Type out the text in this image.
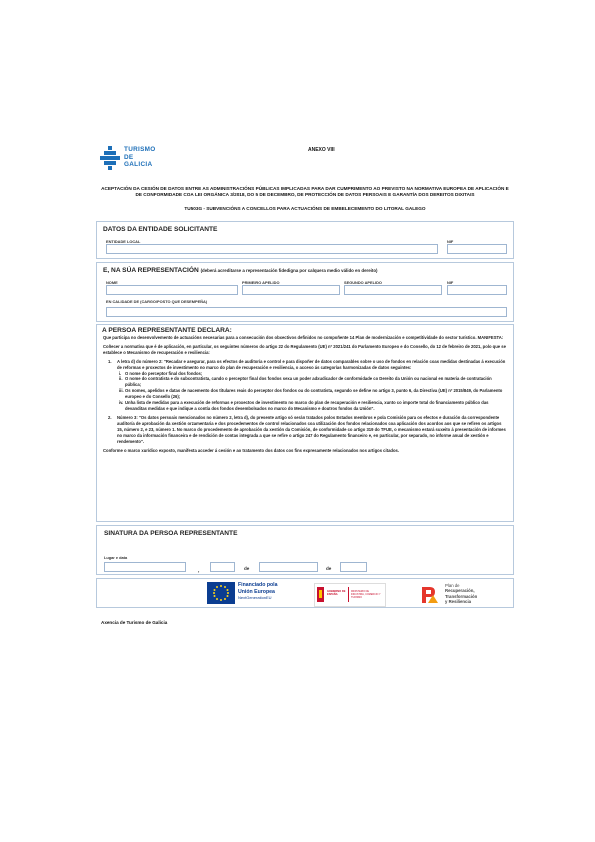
TURISMO
DE
GALICIA
ANEXO VIII
ACEPTACIÓN DA CESIÓN DE DATOS ENTRE AS ADMINISTRACIÓNS PÚBLICAS IMPLICADAS PARA DAR CUMPRIMENTO AO PREVISTO NA NORMATIVA EUROPEA DE APLICACIÓN E DE CONFORMIDADE COA LEI ORGÁNICA 3/2018, DO 5 DE DECEMBRO, DE PROTECCIÓN DE DATOS PERSOAIS E GARANTÍA DOS DEREITOS DIXITAIS
TU503G - SUBVENCIÓNS A CONCELLOS PARA ACTUACIÓNS DE EMBELECEMENTO DO LITORAL GALEGO
DATOS DA ENTIDADE SOLICITANTE
ENTIDADE LOCAL	NIF
E, NA SÚA REPRESENTACIÓN (deberá acreditarse a representación fidedigna por calquera medio válido en dereito)
NOME	PRIMEIRO APELIDO	SEGUNDO APELIDO	NIF
EN CALIDADE DE (CARGO/POSTO QUE DESEMPEÑA)
A PERSOA REPRESENTANTE DECLARA:

Que participa no desenvolvemento de actuacións necesarias para a consecución dos obxectivos definidos no compoñente 14 Plan de modernización e competitividade do sector turístico. MANIFESTA:

Coñecer a normativa que é de aplicación, en particular, os seguintes números do artigo 22 do Regulamento (UE) nº 2021/241 do Parlamento Europeo e do Consello, do 12 de febreiro de 2021, polo que se establece o Mecanismo de recuperación e resiliencia:

1. A letra d) do número 2: "Recadar e asegurar, para os efectos de auditoría e control e para dispoñer de datos comparables sobre o uso de fondos en relación coas medidas destinadas á execución de reformas e proxectos de investimento no marco do plan de recuperación e resiliencia, o acceso ás categorías harmonizadas de datos seguintes:
i. O nome do perceptor final dos fondos;
ii. O nome do contratista e do subcontratista, cando o perceptor final dos fondos sexa un poder adxudicador de conformidade co Dereito da Unión ou nacional en materia de contratación pública;
iii. Os nomes, apelidos e datas de nacemento dos titulares reais do perceptor dos fondos ou do contratista, segundo se define no artigo 3, punto 6, da Directiva (UE) nº 2015/849, do Parlamento europeo e do Consello (26);
iv. Unha lista de medidas para a execución de reformas e proxectos de investimento no marco do plan de recuperación e resiliencia, xunto co importe total do financiamento público das devanditas medidas e que indique a contía dos fondos desembolsados no marco do Mecanismo e doutros fondos da Unión".
2. Número 3: "Os datos persoais mencionados no número 2, letra d), do presente artigo só serán tratados polos Estados membros e pola Comisión para os efectos e duración da correspondente auditoría de aprobación da xestión orzamentaria e dos procedementos de control relacionados coa utilización dos fondos relacionados coa aplicación dos acordos aos que se refiren os artigos 15, número 2, e 23, número 1. No marco do procedemento de aprobación da xestión da Comisión, de conformidade co artigo 319 do TFUE, o mecanismo estará suxeito á presentación de informes no marco da información financeira e de rendición de contas integrada a que se refire o artigo 247 do Regulamento financeiro e, en particular, por separado, no informe anual de xestión e rendemento".

Conforme o marco xurídico exposto, manifesta acceder á cesión e ao tratamento dos datos cos fins expresamente relacionados nos artigos citados.

SINATURA DA PERSOA REPRESENTANTE
Lugar e data
,	de	de
Financiado pola
Unión Europea
NextGenerationEU
GOBIERNO DE ESPAÑA
MINISTERIO DE INDUSTRIA, COMERCIO Y TURISMO
Plan de
Recuperación,
Transformación
y Resiliencia
Axencia de Turismo de Galicia
